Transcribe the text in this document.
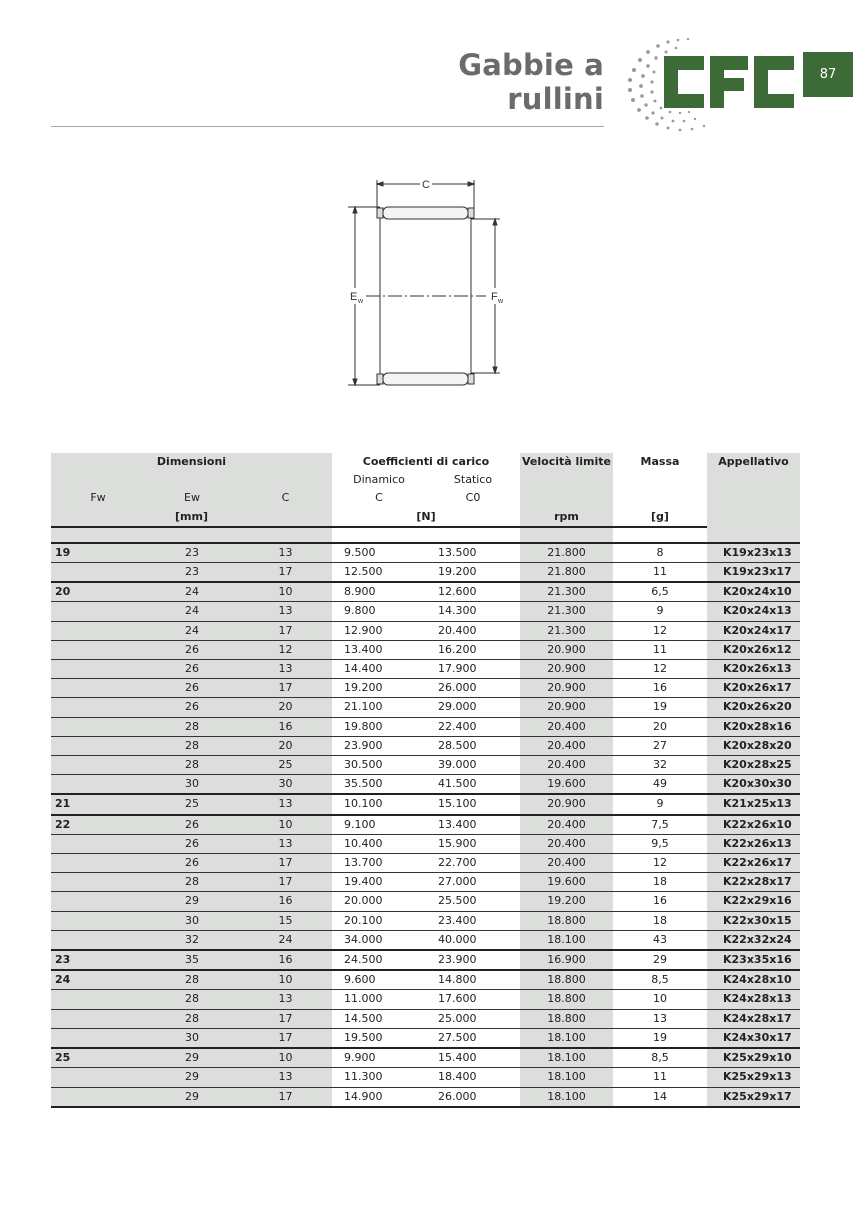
Gabbie a rullini
87
C
E w	F w
Dimensioni			Coefficienti di carico		Velocità limite	Massa	Appellativo
			Dinamico	Statico			
Fw	Ew	C	C	C0			
[mm]			[N]		rpm	[g]	

19	23	13	9.500	13.500	21.800	8	K19x23x13
	23	17	12.500	19.200	21.800	11	K19x23x17
20	24	10	8.900	12.600	21.300	6,5	K20x24x10
	24	13	9.800	14.300	21.300	9	K20x24x13
	24	17	12.900	20.400	21.300	12	K20x24x17
	26	12	13.400	16.200	20.900	11	K20x26x12
	26	13	14.400	17.900	20.900	12	K20x26x13
	26	17	19.200	26.000	20.900	16	K20x26x17
	26	20	21.100	29.000	20.900	19	K20x26x20
	28	16	19.800	22.400	20.400	20	K20x28x16
	28	20	23.900	28.500	20.400	27	K20x28x20
	28	25	30.500	39.000	20.400	32	K20x28x25
	30	30	35.500	41.500	19.600	49	K20x30x30
21	25	13	10.100	15.100	20.900	9	K21x25x13
22	26	10	9.100	13.400	20.400	7,5	K22x26x10
	26	13	10.400	15.900	20.400	9,5	K22x26x13
	26	17	13.700	22.700	20.400	12	K22x26x17
	28	17	19.400	27.000	19.600	18	K22x28x17
	29	16	20.000	25.500	19.200	16	K22x29x16
	30	15	20.100	23.400	18.800	18	K22x30x15
	32	24	34.000	40.000	18.100	43	K22x32x24
23	35	16	24.500	23.900	16.900	29	K23x35x16
24	28	10	9.600	14.800	18.800	8,5	K24x28x10
	28	13	11.000	17.600	18.800	10	K24x28x13
	28	17	14.500	25.000	18.800	13	K24x28x17
	30	17	19.500	27.500	18.100	19	K24x30x17
25	29	10	9.900	15.400	18.100	8,5	K25x29x10
	29	13	11.300	18.400	18.100	11	K25x29x13
	29	17	14.900	26.000	18.100	14	K25x29x17
